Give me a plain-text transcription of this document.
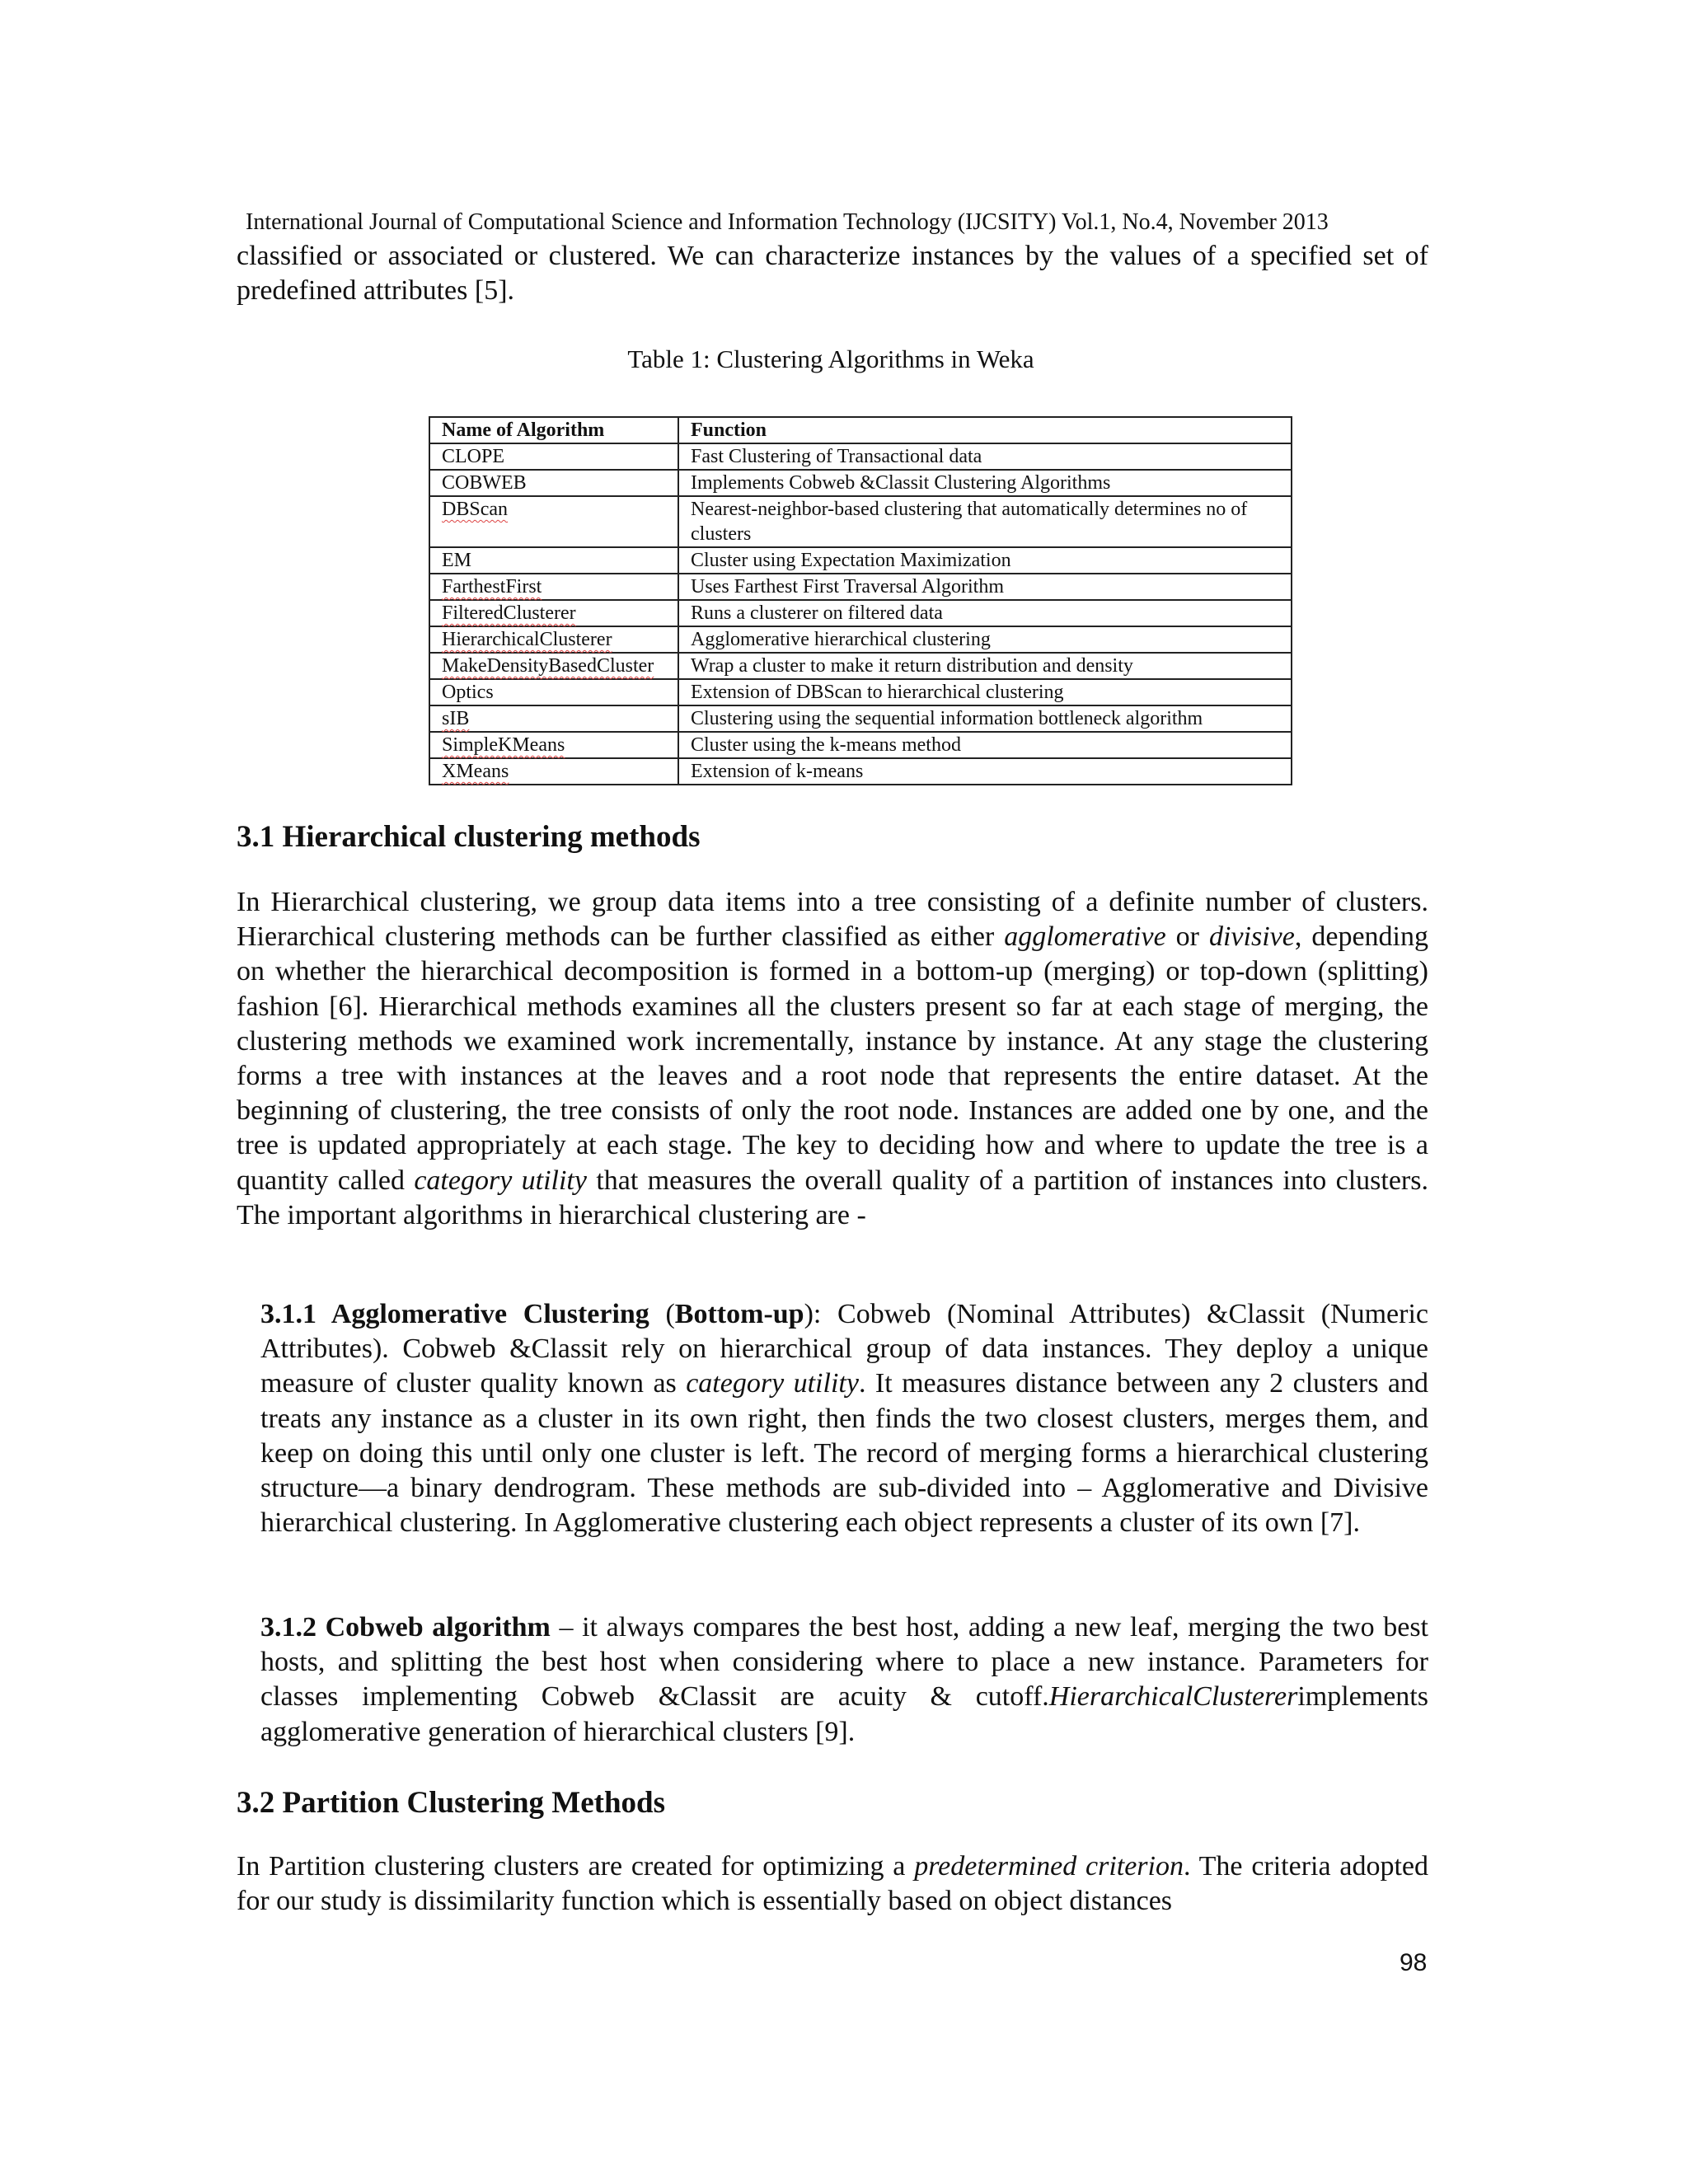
International Journal of Computational Science and Information Technology (IJCSITY) Vol.1, No.4, November 2013
classified or associated or clustered. We can characterize instances by the values of a specified set of predefined attributes [5].
Table 1: Clustering Algorithms in Weka
Name of Algorithm	Function
CLOPE	Fast Clustering of Transactional data
COBWEB	Implements Cobweb &Classit Clustering Algorithms
DBScan	Nearest-neighbor-based clustering that automatically determines no of clusters
EM	Cluster using Expectation Maximization
FarthestFirst	Uses Farthest First Traversal Algorithm
FilteredClusterer	Runs a clusterer on filtered data
HierarchicalClusterer	Agglomerative hierarchical clustering
MakeDensityBasedCluster	Wrap a cluster to make it return distribution and density
Optics	Extension of DBScan to hierarchical clustering
sIB	Clustering using the sequential information bottleneck algorithm
SimpleKMeans	Cluster using the k-means method
XMeans	Extension of k-means
3.1 Hierarchical clustering methods
In Hierarchical clustering, we group data items into a tree consisting of a definite number of clusters. Hierarchical clustering methods can be further classified as either agglomerative or divisive, depending on whether the hierarchical decomposition is formed in a bottom-up (merging) or top-down (splitting) fashion [6]. Hierarchical methods examines all the clusters present so far at each stage of merging, the clustering methods we examined work incrementally, instance by instance. At any stage the clustering forms a tree with instances at the leaves and a root node that represents the entire dataset. At the beginning of clustering, the tree consists of only the root node. Instances are added one by one, and the tree is updated appropriately at each stage. The key to deciding how and where to update the tree is a quantity called category utility that measures the overall quality of a partition of instances into clusters. The important algorithms in hierarchical clustering are -
3.1.1 Agglomerative Clustering (Bottom-up): Cobweb (Nominal Attributes) &Classit (Numeric Attributes). Cobweb &Classit rely on hierarchical group of data instances. They deploy a unique measure of cluster quality known as category utility. It measures distance between any 2 clusters and treats any instance as a cluster in its own right, then finds the two closest clusters, merges them, and keep on doing this until only one cluster is left. The record of merging forms a hierarchical clustering structure—a binary dendrogram. These methods are sub-divided into – Agglomerative and Divisive hierarchical clustering. In Agglomerative clustering each object represents a cluster of its own [7].
3.1.2 Cobweb algorithm – it always compares the best host, adding a new leaf, merging the two best hosts, and splitting the best host when considering where to place a new instance. Parameters for classes implementing Cobweb &Classit are acuity & cutoff.HierarchicalClustererimplements agglomerative generation of hierarchical clusters [9].
3.2 Partition Clustering Methods
In Partition clustering clusters are created for optimizing a predetermined criterion. The criteria adopted for our study is dissimilarity function which is essentially based on object distances
98
